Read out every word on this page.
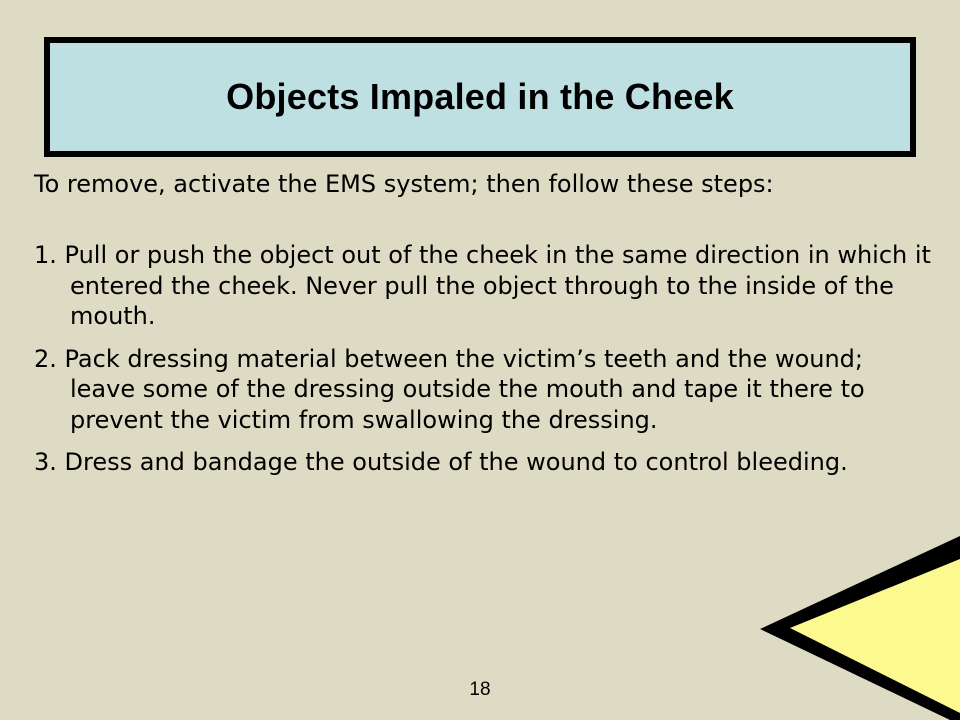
Objects Impaled in the Cheek

To remove, activate the EMS system; then follow these steps:

1. Pull or push the object out of the cheek in the same direction in which it entered the cheek. Never pull the object through to the inside of the mouth.
2. Pack dressing material between the victim’s teeth and the wound; leave some of the dressing outside the mouth and tape it there to prevent the victim from swallowing the dressing.
3. Dress and bandage the outside of the wound to control bleeding.
18
